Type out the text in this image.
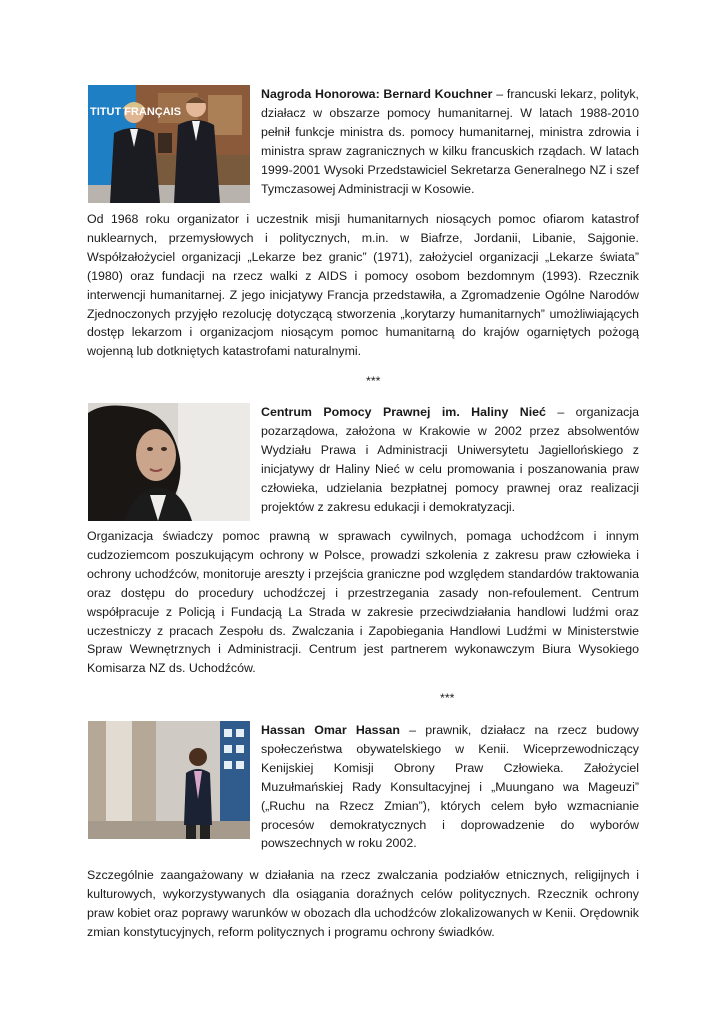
TITUT FRANÇAIS

Nagroda Honorowa: Bernard Kouchner – francuski lekarz, polityk, działacz w obszarze pomocy humanitarnej. W latach 1988-2010 pełnił funkcje ministra ds. pomocy humanitarnej, ministra zdrowia i ministra spraw zagranicznych w kilku francuskich rządach. W latach 1999-2001 Wysoki Przedstawiciel Sekretarza Generalnego NZ i szef Tymczasowej Administracji w Kosowie.

Od 1968 roku organizator i uczestnik misji humanitarnych niosących pomoc ofiarom katastrof nuklearnych, przemysłowych i politycznych, m.in. w Biafrze, Jordanii, Libanie, Sajgonie. Współzałożyciel organizacji „Lekarze bez granic” (1971), założyciel organizacji „Lekarze świata” (1980) oraz fundacji na rzecz walki z AIDS i pomocy osobom bezdomnym (1993). Rzecznik interwencji humanitarnej. Z jego inicjatywy Francja przedstawiła, a Zgromadzenie Ogólne Narodów Zjednoczonych przyjęło rezolucję dotyczącą stworzenia „korytarzy humanitarnych” umożliwiających dostęp lekarzom i organizacjom niosącym pomoc humanitarną do krajów ogarniętych pożogą wojenną lub dotkniętych katastrofami naturalnymi.

***

Centrum Pomocy Prawnej im. Haliny Nieć – organizacja pozarządowa, założona w Krakowie w 2002 przez absolwentów Wydziału Prawa i Administracji Uniwersytetu Jagiellońskiego z inicjatywy dr Haliny Nieć w celu promowania i poszanowania praw człowieka, udzielania bezpłatnej pomocy prawnej oraz realizacji projektów z zakresu edukacji i demokratyzacji.

Organizacja świadczy pomoc prawną w sprawach cywilnych, pomaga uchodźcom i innym cudzoziemcom poszukującym ochrony w Polsce, prowadzi szkolenia z zakresu praw człowieka i ochrony uchodźców, monitoruje areszty i przejścia graniczne pod względem standardów traktowania oraz dostępu do procedury uchodźczej i przestrzegania zasady non-refoulement. Centrum współpracuje z Policją i Fundacją La Strada w zakresie przeciwdziałania handlowi ludźmi oraz uczestniczy z pracach Zespołu ds. Zwalczania i Zapobiegania Handlowi Ludźmi w Ministerstwie Spraw Wewnętrznych i Administracji. Centrum jest partnerem wykonawczym Biura Wysokiego Komisarza NZ ds. Uchodźców.

***

Hassan Omar Hassan – prawnik, działacz na rzecz budowy społeczeństwa obywatelskiego w Kenii. Wiceprzewodniczący Kenijskiej Komisji Obrony Praw Człowieka. Założyciel Muzułmańskiej Rady Konsultacyjnej i „Muungano wa Mageuzi” („Ruchu na Rzecz Zmian”), których celem było wzmacnianie procesów demokratycznych i doprowadzenie do wyborów powszechnych w roku 2002.

Szczególnie zaangażowany w działania na rzecz zwalczania podziałów etnicznych, religijnych i kulturowych, wykorzystywanych dla osiągania doraźnych celów politycznych. Rzecznik ochrony praw kobiet oraz poprawy warunków w obozach dla uchodźców zlokalizowanych w Kenii. Orędownik zmian konstytucyjnych, reform politycznych i programu ochrony świadków.
